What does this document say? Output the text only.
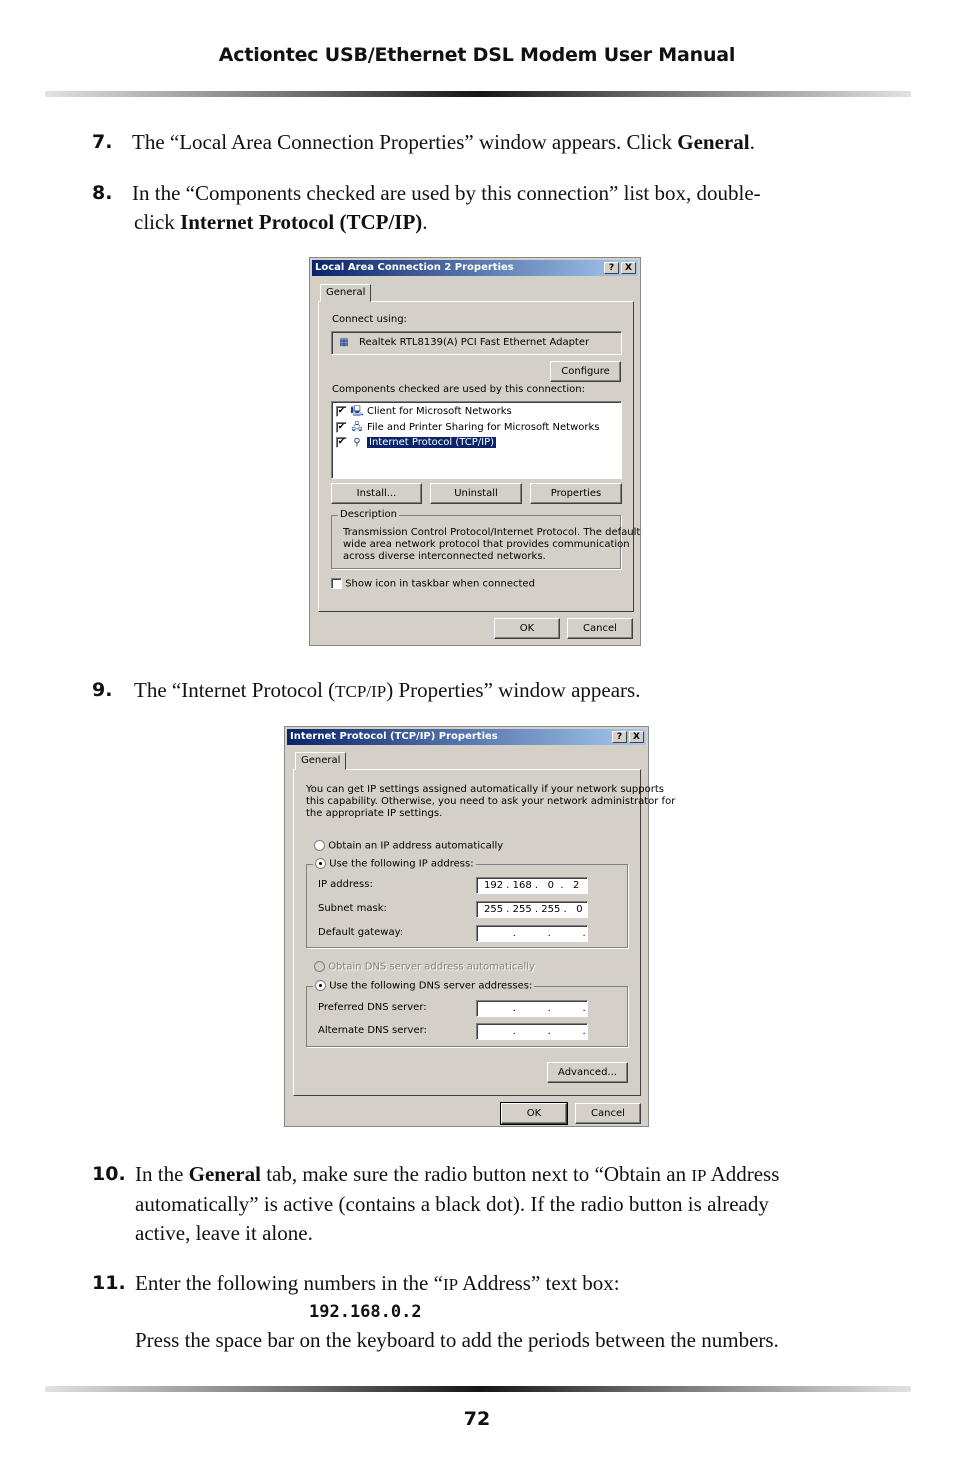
Actiontec USB/Ethernet DSL Modem User Manual
7. The “Local Area Connection Properties” window appears. Click General.
8. In the “Components checked are used by this connection” list box, double-
click Internet Protocol (TCP/IP).
Local Area Connection 2 Properties	?	X
General
Connect using:
▦ Realtek RTL8139(A) PCI Fast Ethernet Adapter
Configure
Components checked are used by this connection:
✔ 🖳 Client for Microsoft Networks
✔ 🖧 File and Printer Sharing for Microsoft Networks
✔ ⚲ Internet Protocol (TCP/IP)
Install...	Uninstall	Properties
Description
Transmission Control Protocol/Internet Protocol. The default
wide area network protocol that provides communication
across diverse interconnected networks.
Show icon in taskbar when connected
OK	Cancel
9.	The “Internet Protocol (TCP/IP) Properties” window appears.
Internet Protocol (TCP/IP) Properties	?	X
General
You can get IP settings assigned automatically if your network supports
this capability. Otherwise, you need to ask your network administrator for
the appropriate IP settings.
Obtain an IP address automatically
Use the following IP address:
IP address:	192 . 168 .   0  .   2
Subnet mask:	255 . 255 . 255 .   0
Default gateway:	.          .          .
Obtain DNS server address automatically
Use the following DNS server addresses:
Preferred DNS server:	.          .          .
Alternate DNS server:	.          .          .
Advanced...
OK	Cancel
10. In the General tab, make sure the radio button next to “Obtain an IP Address
automatically” is active (contains a black dot). If the radio button is already
active, leave it alone.
11. Enter the following numbers in the “IP Address” text box:
192.168.0.2
Press the space bar on the keyboard to add the periods between the numbers.
72
